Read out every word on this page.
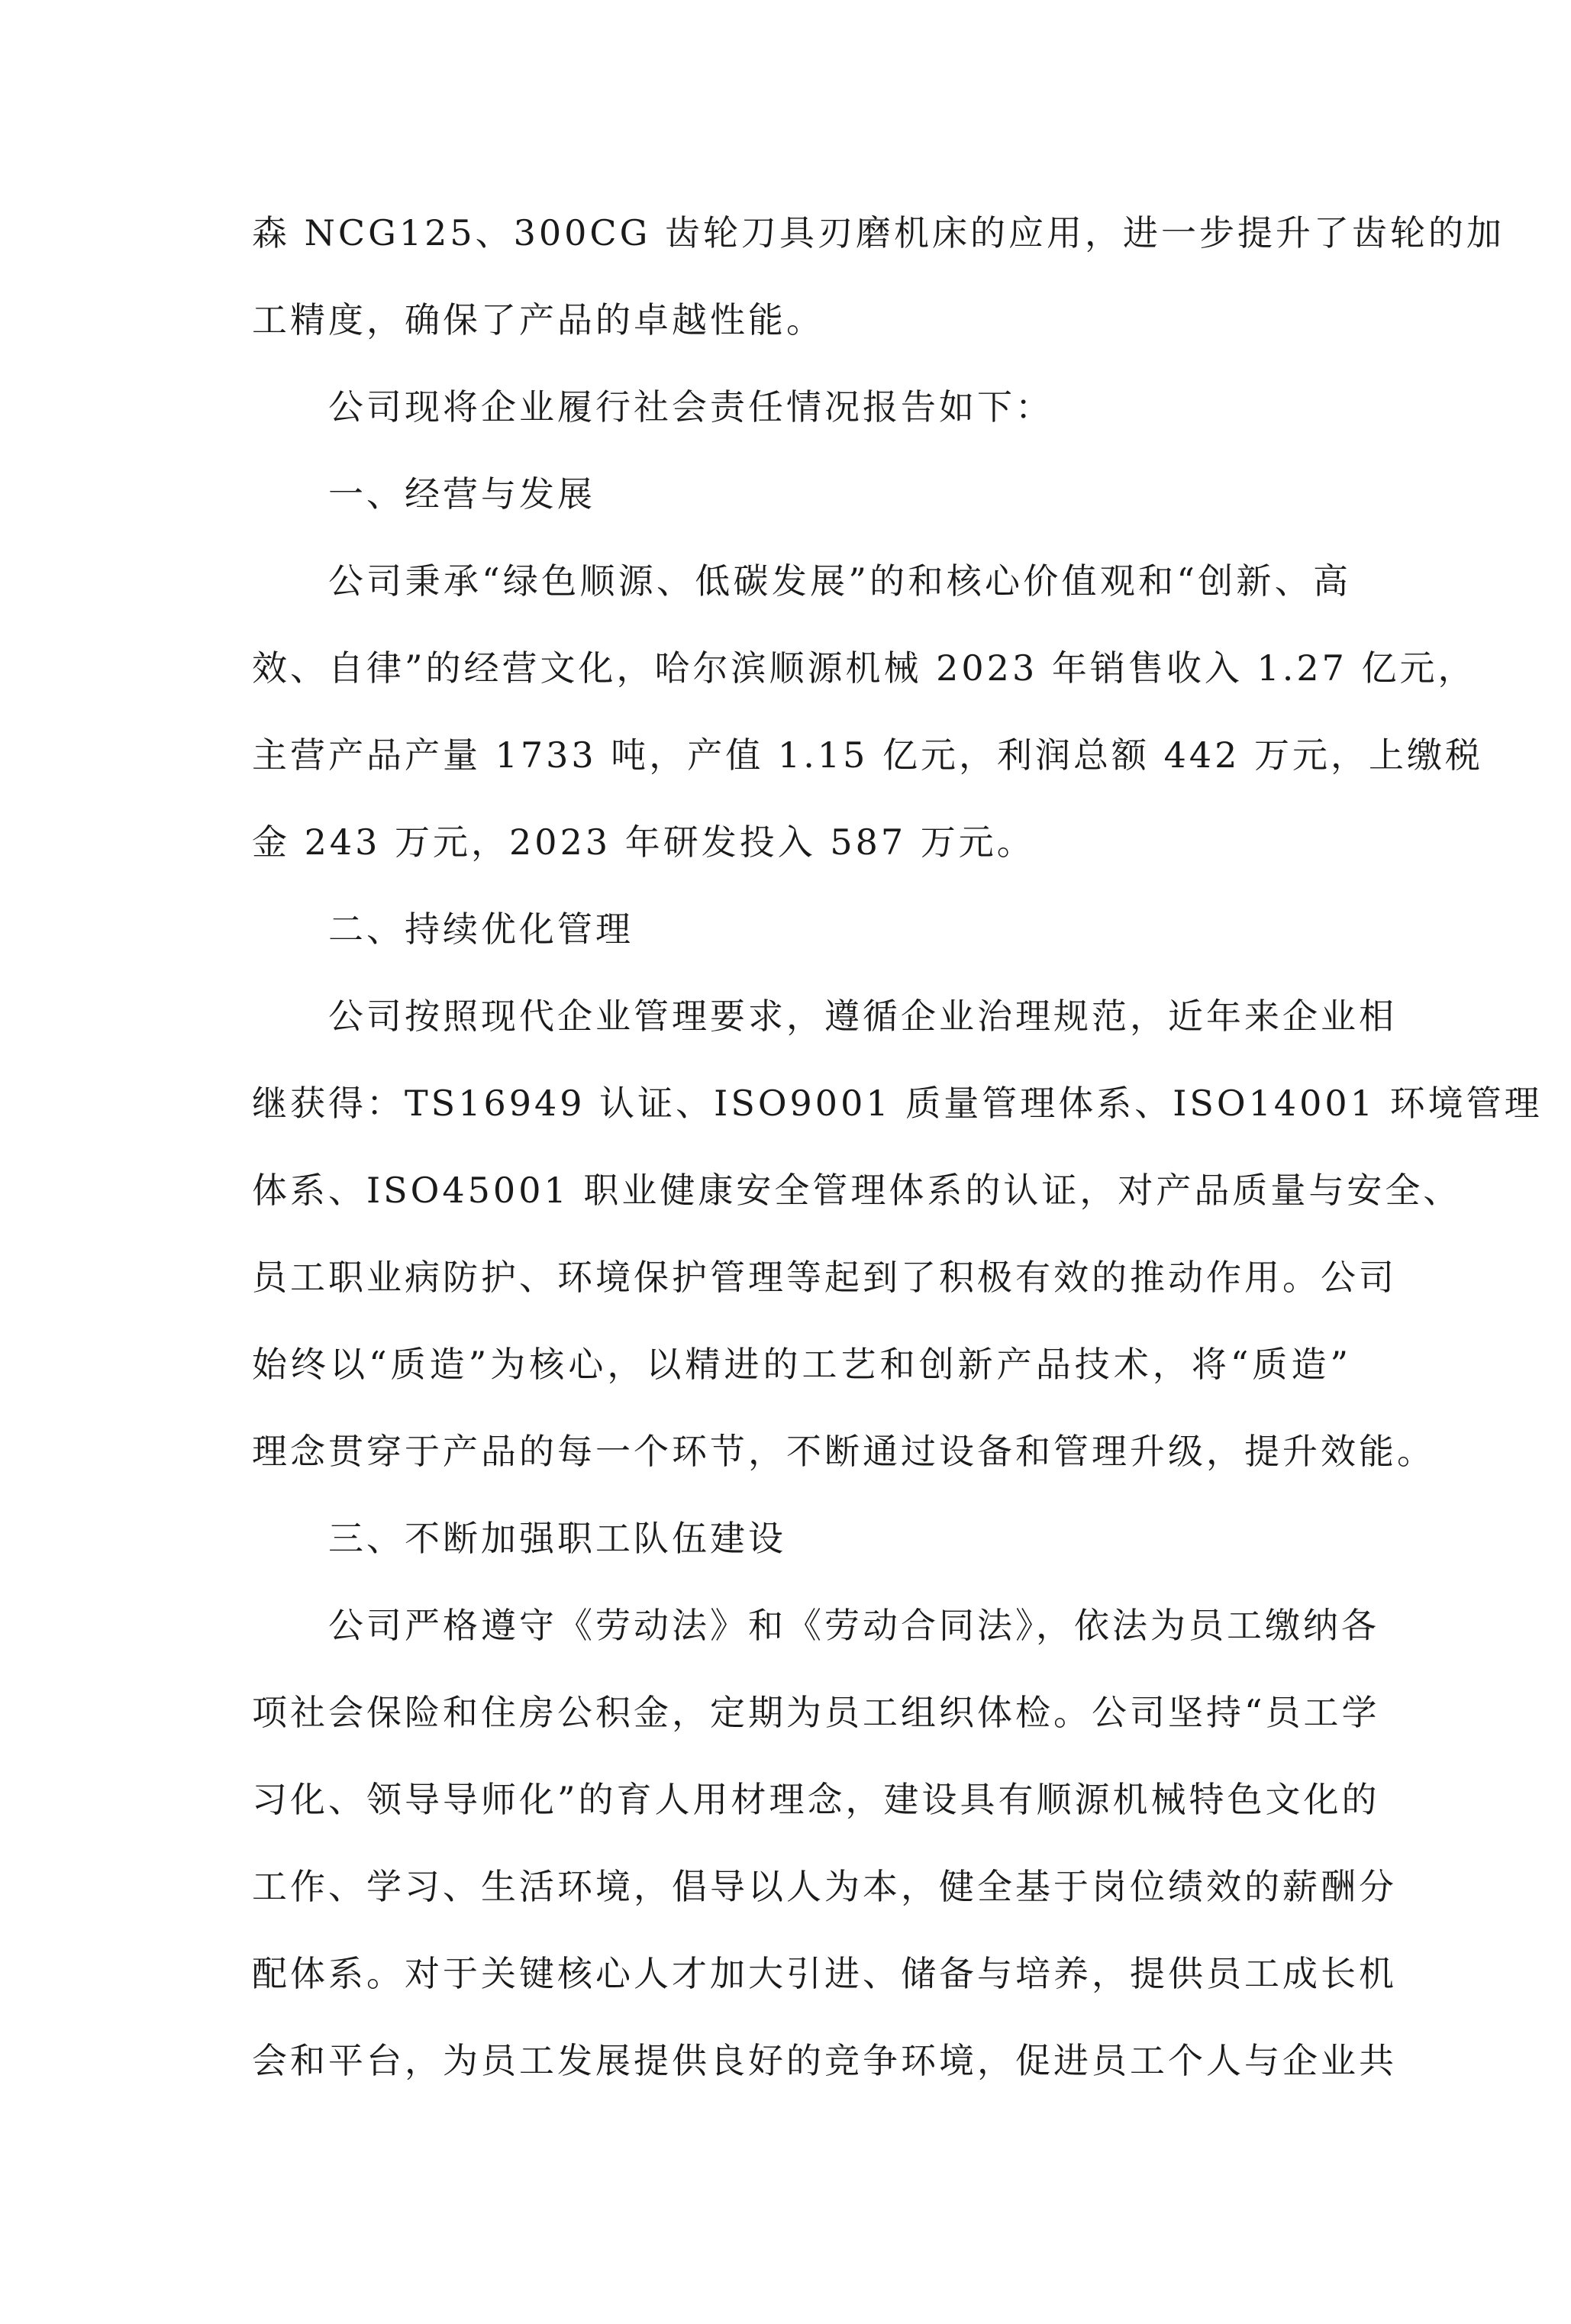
森 NCG125、300CG 齿轮刀具刃磨机床的应用，进一步提升了齿轮的加
工精度，确保了产品的卓越性能。
公司现将企业履行社会责任情况报告如下：
一、经营与发展
公司秉承“绿色顺源、低碳发展”的和核心价值观和“创新、高
效、自律”的经营文化，哈尔滨顺源机械 2023 年销售收入 1.27 亿元，
主营产品产量 1733 吨，产值 1.15 亿元，利润总额 442 万元，上缴税
金 243 万元，2023 年研发投入 587 万元。
二、持续优化管理
公司按照现代企业管理要求，遵循企业治理规范，近年来企业相
继获得：TS16949 认证、ISO9001 质量管理体系、ISO14001 环境管理
体系、ISO45001 职业健康安全管理体系的认证，对产品质量与安全、
员工职业病防护、环境保护管理等起到了积极有效的推动作用。公司
始终以“质造”为核心，以精进的工艺和创新产品技术，将“质造”
理念贯穿于产品的每一个环节，不断通过设备和管理升级，提升效能。
三、不断加强职工队伍建设
公司严格遵守《劳动法》和《劳动合同法》，依法为员工缴纳各
项社会保险和住房公积金，定期为员工组织体检。公司坚持“员工学
习化、领导导师化”的育人用材理念，建设具有顺源机械特色文化的
工作、学习、生活环境，倡导以人为本，健全基于岗位绩效的薪酬分
配体系。对于关键核心人才加大引进、储备与培养，提供员工成长机
会和平台，为员工发展提供良好的竞争环境，促进员工个人与企业共
